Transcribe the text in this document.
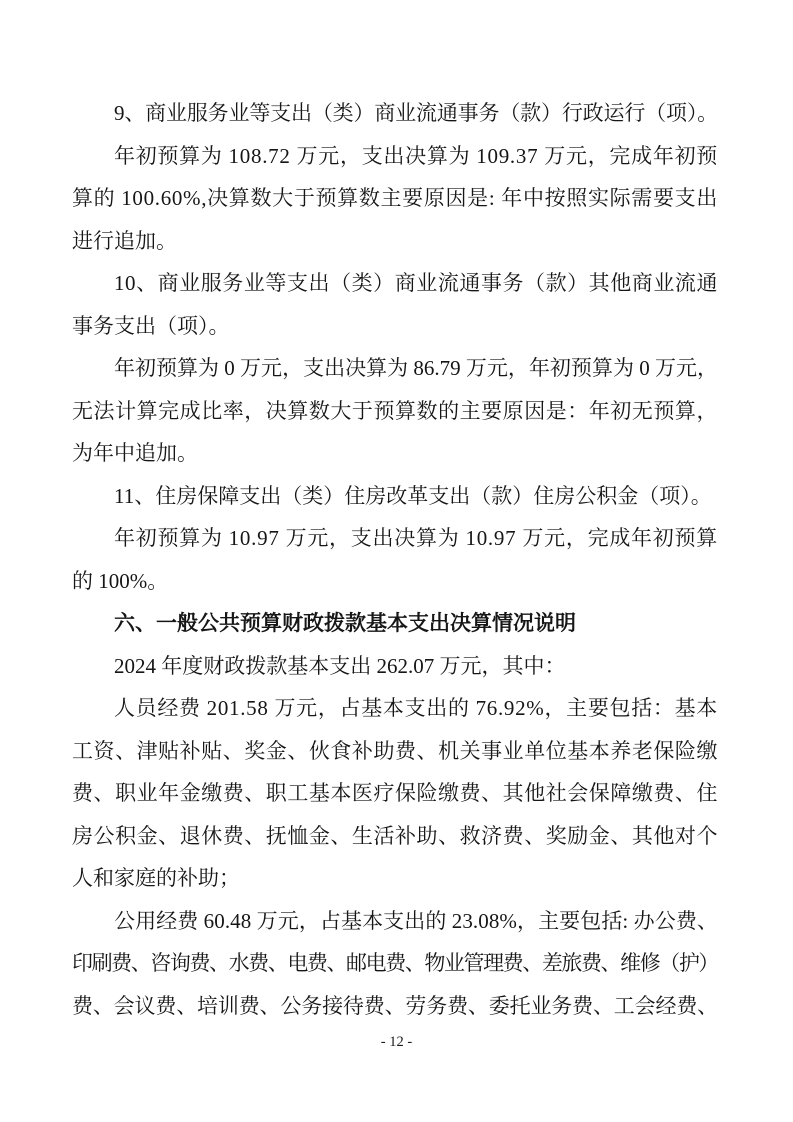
9、商业服务业等支出（类）商业流通事务（款）行政运行（项）。
年初预算为 108.72 万元，支出决算为 109.37 万元，完成年初预
算的 100.60%,决算数大于预算数主要原因是: 年中按照实际需要支出
进行追加。
10、商业服务业等支出（类）商业流通事务（款）其他商业流通
事务支出（项）。
年初预算为 0 万元，支出决算为 86.79 万元，年初预算为 0 万元，
无法计算完成比率，决算数大于预算数的主要原因是：年初无预算，
为年中追加。
11、住房保障支出（类）住房改革支出（款）住房公积金（项）。
年初预算为 10.97 万元，支出决算为 10.97 万元，完成年初预算
的 100%。
六、一般公共预算财政拨款基本支出决算情况说明
2024 年度财政拨款基本支出 262.07 万元，其中：
人员经费 201.58 万元，占基本支出的 76.92%，主要包括：基本
工资、津贴补贴、奖金、伙食补助费、机关事业单位基本养老保险缴
费、职业年金缴费、职工基本医疗保险缴费、其他社会保障缴费、住
房公积金、退休费、抚恤金、生活补助、救济费、奖励金、其他对个
人和家庭的补助；
公用经费 60.48 万元，占基本支出的 23.08%，主要包括: 办公费、
印刷费、咨询费、水费、电费、邮电费、物业管理费、差旅费、维修（护）
费、会议费、培训费、公务接待费、劳务费、委托业务费、工会经费、
- 12 -
